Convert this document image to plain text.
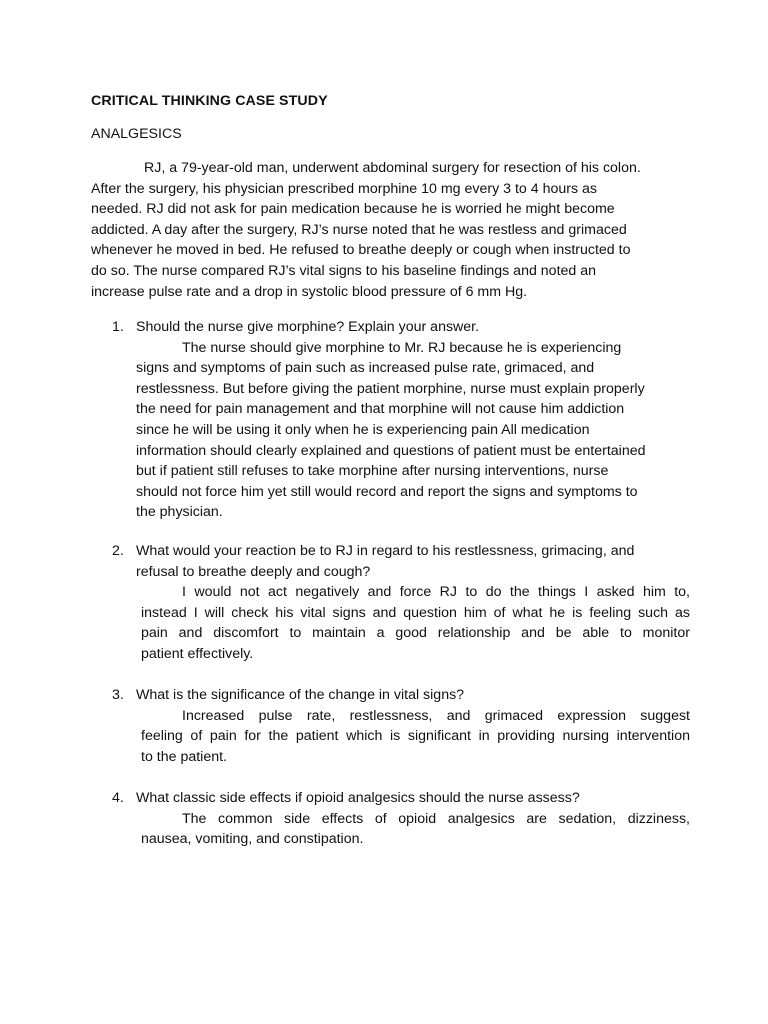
CRITICAL THINKING CASE STUDY
ANALGESICS
RJ, a 79-year-old man, underwent abdominal surgery for resection of his colon.
After the surgery, his physician prescribed morphine 10 mg every 3 to 4 hours as
needed. RJ did not ask for pain medication because he is worried he might become
addicted. A day after the surgery, RJ’s nurse noted that he was restless and grimaced
whenever he moved in bed. He refused to breathe deeply or cough when instructed to
do so. The nurse compared RJ’s vital signs to his baseline findings and noted an
increase pulse rate and a drop in systolic blood pressure of 6 mm Hg.
1. Should the nurse give morphine? Explain your answer.
The nurse should give morphine to Mr. RJ because he is experiencing
signs and symptoms of pain such as increased pulse rate, grimaced, and
restlessness. But before giving the patient morphine, nurse must explain properly
the need for pain management and that morphine will not cause him addiction
since he will be using it only when he is experiencing pain All medication
information should clearly explained and questions of patient must be entertained
but if patient still refuses to take morphine after nursing interventions, nurse
should not force him yet still would record and report the signs and symptoms to
the physician.
2. What would your reaction be to RJ in regard to his restlessness, grimacing, and
refusal to breathe deeply and cough?
I would not act negatively and force RJ to do the things I asked him to,
instead I will check his vital signs and question him of what he is feeling such as
pain and discomfort to maintain a good relationship and be able to monitor
patient effectively.
3. What is the significance of the change in vital signs?
Increased pulse rate, restlessness, and grimaced expression suggest
feeling of pain for the patient which is significant in providing nursing intervention
to the patient.
4. What classic side effects if opioid analgesics should the nurse assess?
The common side effects of opioid analgesics are sedation, dizziness,
nausea, vomiting, and constipation.
